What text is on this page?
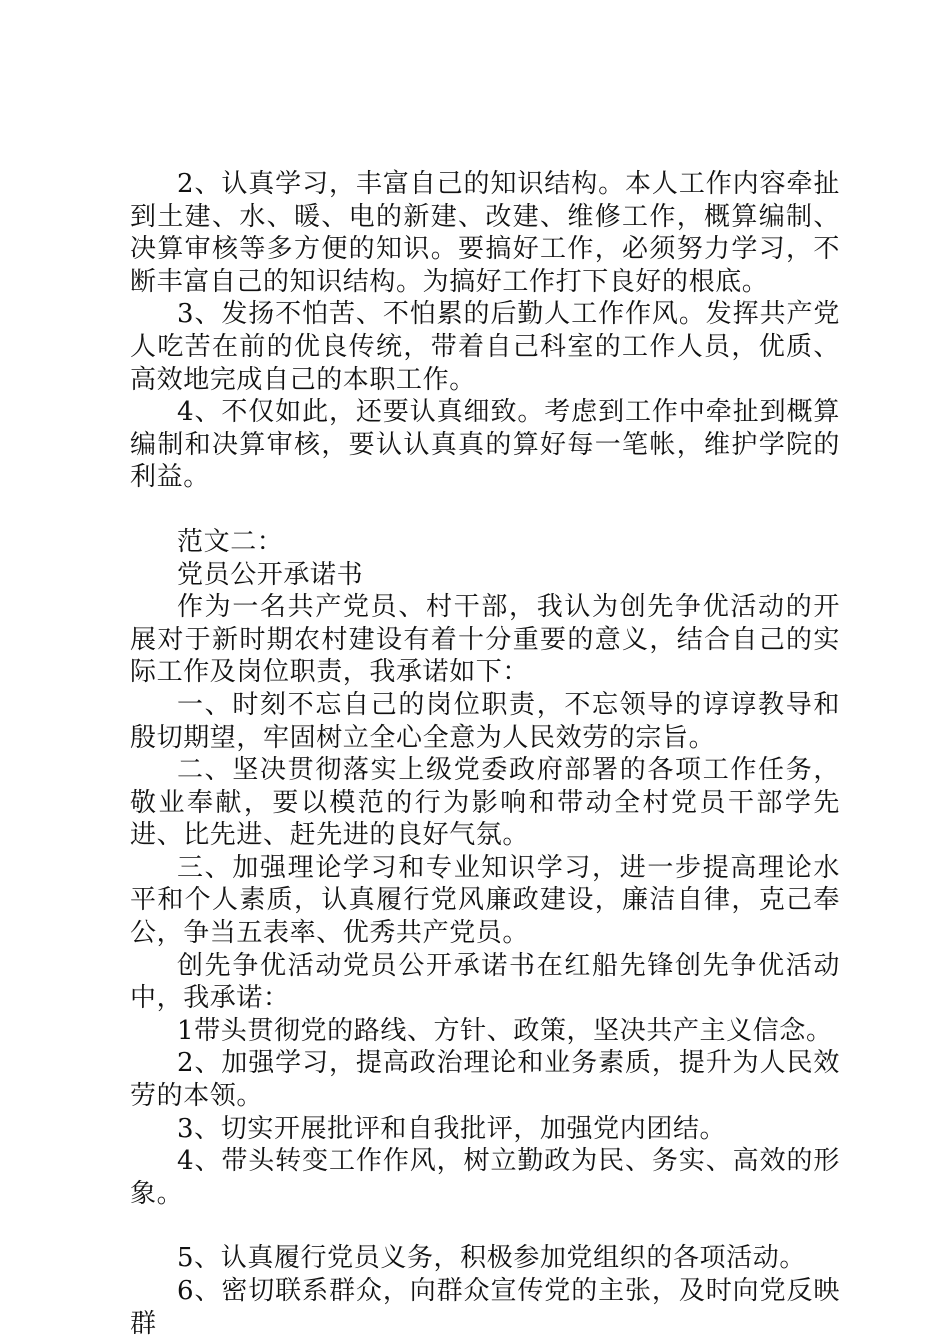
2、认真学习，丰富自己的知识结构。本人工作内容牵扯到土建、水、暖、电的新建、改建、维修工作，概算编制、决算审核等多方便的知识。要搞好工作，必须努力学习，不断丰富自己的知识结构。为搞好工作打下良好的根底。

3、发扬不怕苦、不怕累的后勤人工作作风。发挥共产党人吃苦在前的优良传统，带着自己科室的工作人员，优质、高效地完成自己的本职工作。

4、不仅如此，还要认真细致。考虑到工作中牵扯到概算编制和决算审核，要认认真真的算好每一笔帐，维护学院的利益。

范文二：

党员公开承诺书

作为一名共产党员、村干部，我认为创先争优活动的开展对于新时期农村建设有着十分重要的意义，结合自己的实际工作及岗位职责，我承诺如下：

一、时刻不忘自己的岗位职责，不忘领导的谆谆教导和殷切期望，牢固树立全心全意为人民效劳的宗旨。

二、坚决贯彻落实上级党委政府部署的各项工作任务，敬业奉献，要以模范的行为影响和带动全村党员干部学先进、比先进、赶先进的良好气氛。

三、加强理论学习和专业知识学习，进一步提高理论水平和个人素质，认真履行党风廉政建设，廉洁自律，克己奉公，争当五表率、优秀共产党员。

创先争优活动党员公开承诺书在红船先锋创先争优活动中，我承诺：

1带头贯彻党的路线、方针、政策，坚决共产主义信念。

2、加强学习，提高政治理论和业务素质，提升为人民效劳的本领。

3、切实开展批评和自我批评，加强党内团结。

4、带头转变工作作风，树立勤政为民、务实、高效的形象。

5、认真履行党员义务，积极参加党组织的各项活动。

6、密切联系群众，向群众宣传党的主张，及时向党反映群
